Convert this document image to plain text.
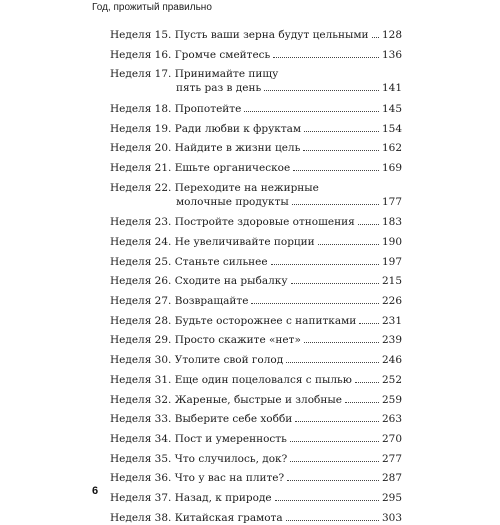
Год, прожитый правильно
Неделя 15. Пусть ваши зерна будут цельными 128
Неделя 16. Громче смейтесь	136
Неделя 17. Принимайте пищу
пять раз в день	141
Неделя 18. Пропотейте	145
Неделя 19. Ради любви к фруктам	154
Неделя 20. Найдите в жизни цель	162
Неделя 21. Ешьте органическое	169
Неделя 22. Переходите на нежирные
молочные продукты	177
Неделя 23. Постройте здоровые отношения	183
Неделя 24. Не увеличивайте порции	190
Неделя 25. Станьте сильнее	197
Неделя 26. Сходите на рыбалку	215
Неделя 27. Возвращайте	226
Неделя 28. Будьте осторожнее с напитками 231
Неделя 29. Просто скажите «нет»	239
Неделя 30. Утолите свой голод	246
Неделя 31. Еще один поцеловался с пылью	252
Неделя 32. Жареные, быстрые и злобные	259
Неделя 33. Выберите себе хобби	263
Неделя 34. Пост и умеренность	270
Неделя 35. Что случилось, док?	277
Неделя 36. Что у вас на плите?	287
Неделя 37. Назад, к природе	295
Неделя 38. Китайская грамота	303
6
